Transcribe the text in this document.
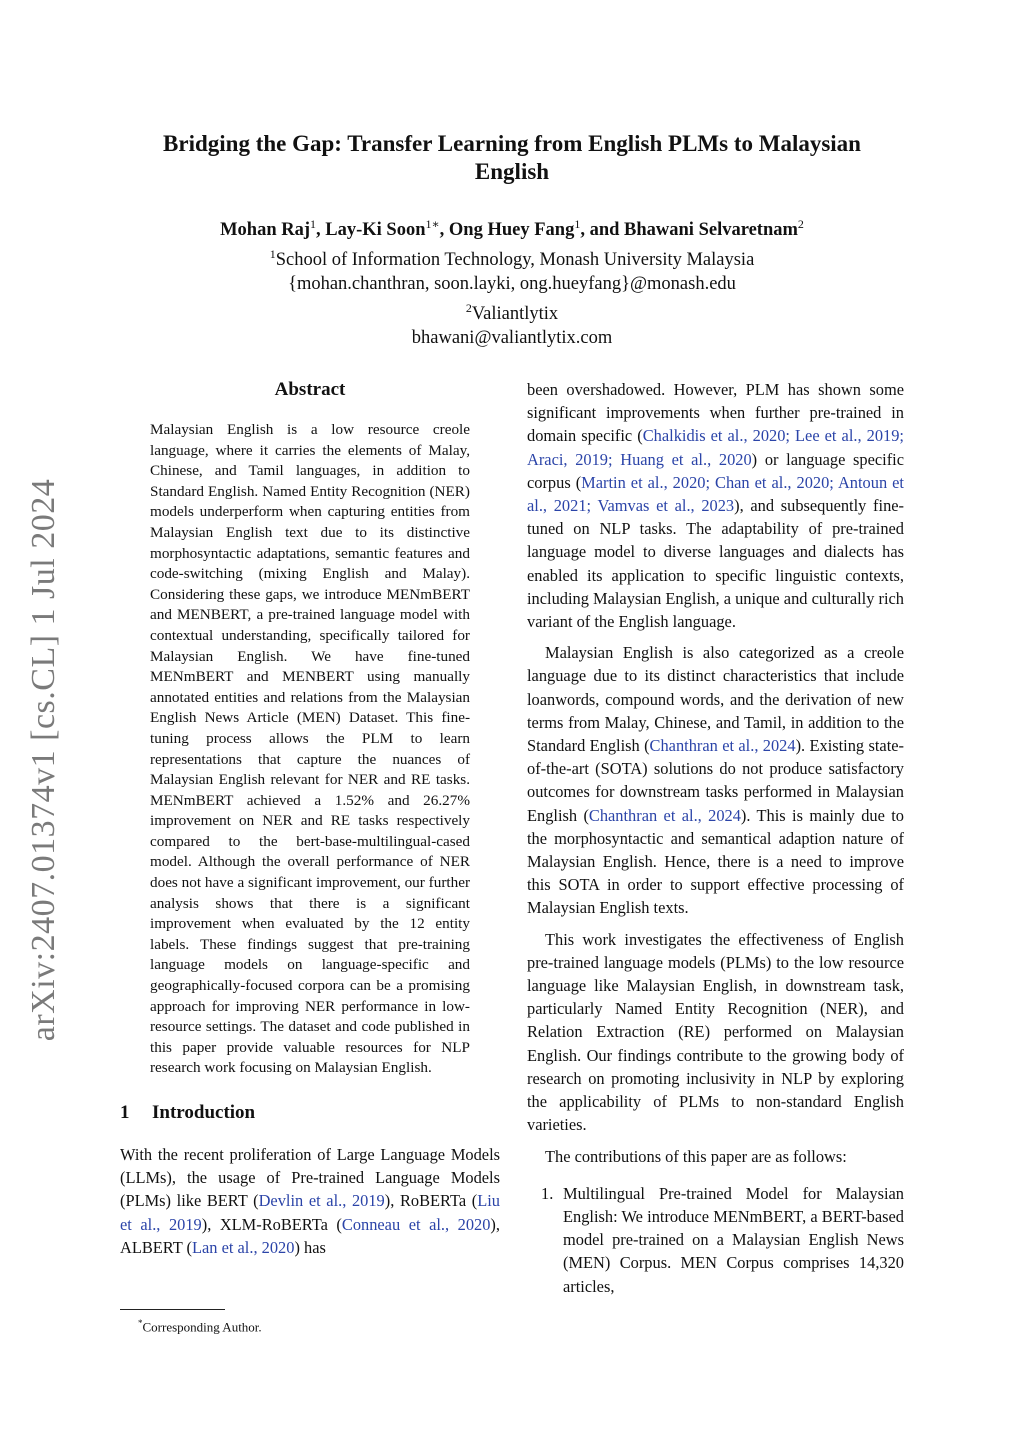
arXiv:2407.01374v1 [cs.CL] 1 Jul 2024
Bridging the Gap: Transfer Learning from English PLMs to Malaysian
English
Mohan Raj$^1$, Lay-Ki Soon$^{1∗}$, Ong Huey Fang$^1$, and Bhawani Selvaretnam$^2$
$^1$School of Information Technology, Monash University Malaysia
{mohan.chanthran, soon.layki, ong.hueyfang}@monash.edu
$^2$Valiantlytix
bhawani@valiantlytix.com
Abstract
Malaysian English is a low resource creole language, where it carries the elements of Malay, Chinese, and Tamil languages, in addition to Standard English. Named Entity Recognition (NER) models underperform when capturing entities from Malaysian English text due to its distinctive morphosyntactic adaptations, semantic features and code-switching (mixing English and Malay). Considering these gaps, we introduce MENmBERT and MENBERT, a pre-trained language model with contextual understanding, specifically tailored for Malaysian English. We have fine-tuned MENmBERT and MENBERT using manually annotated entities and relations from the Malaysian English News Article (MEN) Dataset. This fine-tuning process allows the PLM to learn representations that capture the nuances of Malaysian English relevant for NER and RE tasks. MENmBERT achieved a 1.52% and 26.27% improvement on NER and RE tasks respectively compared to the bert-base-multilingual-cased model. Although the overall performance of NER does not have a significant improvement, our further analysis shows that there is a significant improvement when evaluated by the 12 entity labels. These findings suggest that pre-training language models on language-specific and geographically-focused corpora can be a promising approach for improving NER performance in low-resource settings. The dataset and code published in this paper provide valuable resources for NLP research work focusing on Malaysian English.
1 Introduction

With the recent proliferation of Large Language Models (LLMs), the usage of Pre-trained Language Models (PLMs) like BERT (Devlin et al., 2019), RoBERTa (Liu et al., 2019), XLM-RoBERTa (Conneau et al., 2020), ALBERT (Lan et al., 2020) has

*Corresponding Author.

been overshadowed. However, PLM has shown some significant improvements when further pre-trained in domain specific (Chalkidis et al., 2020; Lee et al., 2019; Araci, 2019; Huang et al., 2020) or language specific corpus (Martin et al., 2020; Chan et al., 2020; Antoun et al., 2021; Vamvas et al., 2023), and subsequently fine-tuned on NLP tasks. The adaptability of pre-trained language model to diverse languages and dialects has enabled its application to specific linguistic contexts, including Malaysian English, a unique and culturally rich variant of the English language.

Malaysian English is also categorized as a creole language due to its distinct characteristics that include loanwords, compound words, and the derivation of new terms from Malay, Chinese, and Tamil, in addition to the Standard English (Chanthran et al., 2024). Existing state-of-the-art (SOTA) solutions do not produce satisfactory outcomes for downstream tasks performed in Malaysian English (Chanthran et al., 2024). This is mainly due to the morphosyntactic and semantical adaption nature of Malaysian English. Hence, there is a need to improve this SOTA in order to support effective processing of Malaysian English texts.

This work investigates the effectiveness of English pre-trained language models (PLMs) to the low resource language like Malaysian English, in downstream task, particularly Named Entity Recognition (NER), and Relation Extraction (RE) performed on Malaysian English. Our findings contribute to the growing body of research on promoting inclusivity in NLP by exploring the applicability of PLMs to non-standard English varieties.

The contributions of this paper are as follows:

1. Multilingual Pre-trained Model for Malaysian English: We introduce MENmBERT, a BERT-based model pre-trained on a Malaysian English News (MEN) Corpus. MEN Corpus comprises 14,320 articles,
